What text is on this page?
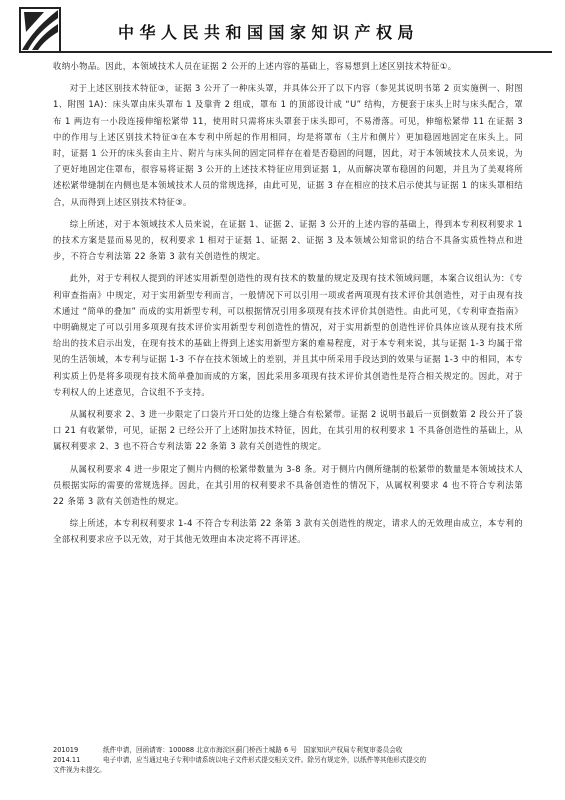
中华人民共和国国家知识产权局

收纳小物品。因此，本领域技术人员在证据 2 公开的上述内容的基础上，容易想到上述区别技术特征①。

对于上述区别技术特征③，证据 3 公开了一种床头罩，并具体公开了以下内容（参见其说明书第 2 页实施例一、附图 1、附图 1A)：床头罩由床头罩布 1 及靠背 2 组成，罩布 1 的顶部设计成 “U” 结构，方便套于床头上时与床头配合，罩布 1 两边有一小段连接伸缩松紧带 11，使用时只需将床头罩套于床头即可，不易滑落。可见，伸缩松紧带 11 在证据 3 中的作用与上述区别技术特征③在本专利中所起的作用相同，均是将罩布（主片和侧片）更加稳固地固定在床头上。同时，证据 1 公开的床头套由主片、附片与床头间的固定同样存在着是否稳固的问题，因此，对于本领域技术人员来说，为了更好地固定住罩布，很容易将证据 3 公开的上述技术特征应用到证据 1，从而解决罩布稳固的问题，并且为了美观将所述松紧带缝制在内侧也是本领域技术人员的常规选择，由此可见，证据 3 存在相应的技术启示使其与证据 1 的床头罩相结合，从而得到上述区别技术特征③。

综上所述，对于本领域技术人员来说，在证据 1、证据 2、证据 3 公开的上述内容的基础上，得到本专利权利要求 1 的技术方案是显而易见的，权利要求 1 相对于证据 1、证据 2、证据 3 及本领域公知常识的结合不具备实质性特点和进步，不符合专利法第 22 条第 3 款有关创造性的规定。

此外，对于专利权人提到的评述实用新型创造性的现有技术的数量的规定及现有技术领域问题，本案合议组认为：《专利审查指南》中规定，对于实用新型专利而言，一般情况下可以引用一项或者两项现有技术评价其创造性，对于由现有技术通过 “简单的叠加” 而成的实用新型专利，可以根据情况引用多项现有技术评价其创造性。由此可见，《专利审查指南》中明确规定了可以引用多项现有技术评价实用新型专利创造性的情况，对于实用新型的创造性评价具体应该从现有技术所给出的技术启示出发，在现有技术的基础上得到上述实用新型方案的难易程度，对于本专利来说，其与证据 1-3 均属于常见的生活领域，本专利与证据 1-3 不存在技术领域上的差别，并且其中所采用手段达到的效果与证据 1-3 中的相同，本专利实质上仍是将多项现有技术简单叠加而成的方案，因此采用多项现有技术评价其创造性是符合相关规定的。因此，对于专利权人的上述意见，合议组不予支持。

从属权利要求 2、3 进一步限定了口袋片开口处的边缘上缝合有松紧带。证据 2 说明书最后一页倒数第 2 段公开了袋口 21 有收紧带，可见，证据 2 已经公开了上述附加技术特征，因此，在其引用的权利要求 1 不具备创造性的基础上，从属权利要求 2、3 也不符合专利法第 22 条第 3 款有关创造性的规定。

从属权利要求 4 进一步限定了侧片内侧的松紧带数量为 3-8 条。对于侧片内侧所缝制的松紧带的数量是本领域技术人员根据实际的需要的常规选择。因此，在其引用的权利要求不具备创造性的情况下，从属权利要求 4 也不符合专利法第 22 条第 3 款有关创造性的规定。

综上所述，本专利权利要求 1-4 不符合专利法第 22 条第 3 款有关创造性的规定，请求人的无效理由成立，本专利的全部权利要求应予以无效，对于其他无效理由本决定将不再评述。

201019	纸件申请，回函请寄：100088 北京市海淀区蓟门桥西土城路 6 号　国家知识产权局专利复审委员会收
2014.11	电子申请，应当通过电子专利申请系统以电子文件形式提交相关文件。除另有规定外，以纸件等其他形式提交的
文件视为未提交。
